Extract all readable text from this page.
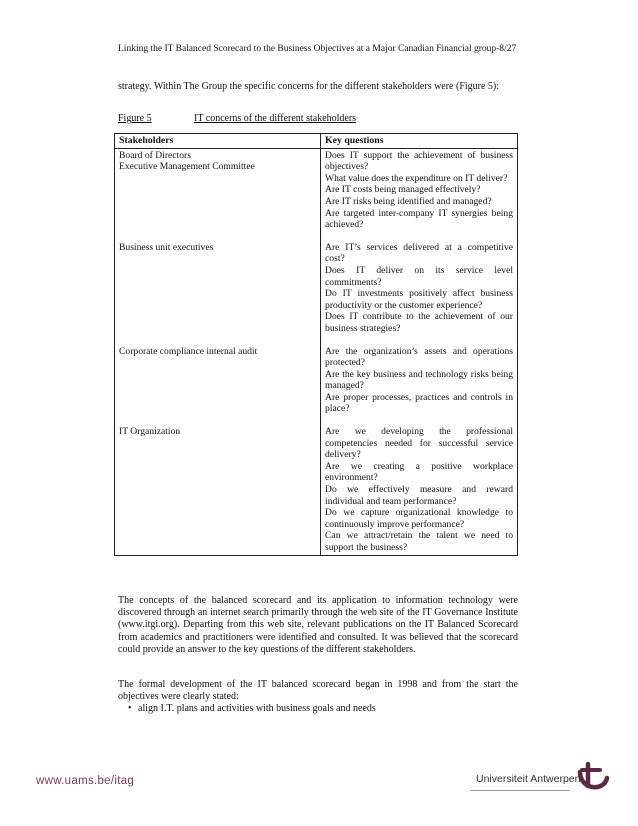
Linking the IT Balanced Scorecard to the Business Objectives at a Major Canadian Financial group-8/27
strategy. Within The Group the specific concerns for the different stakeholders were (Figure 5):
Figure 5	IT concerns of the different stakeholders
Stakeholders	Key questions

Board of Directors
Executive Management Committee	Does IT support the achievement of business objectives?
What value does the expenditure on IT deliver?
Are IT costs being managed effectively?
Are IT risks being identified and managed?
Are targeted inter-company IT synergies being achieved?

Business unit executives	Are IT’s services delivered at a competitive cost?
Does IT deliver on its service level commitments?
Do IT investments positively affect business productivity or the customer experience?
Does IT contribute to the achievement of our business strategies?

Corporate compliance internal audit	Are the organization’s assets and operations protected?
Are the key business and technology risks being managed?
Are proper processes, practices and controls in place?

IT Organization	Are we developing the professional competencies needed for successful service delivery?
Are we creating a positive workplace environment?
Do we effectively measure and reward individual and team performance?
Do we capture organizational knowledge to continuously improve performance?
Can we attract/retain the talent we need to support the business?
The concepts of the balanced scorecard and its application to information technology were discovered through an internet search primarily through the web site of the IT Governance Institute (www.itgi.org). Departing from this web site, relevant publications on the IT Balanced Scorecard from academics and practitioners were identified and consulted. It was believed that the scorecard could provide an answer to the key questions of the different stakeholders.
The formal development of the IT balanced scorecard began in 1998 and from the start the objectives were clearly stated:
• align I.T. plans and activities with business goals and needs
www.uams.be/itag	Universiteit Antwerpen
